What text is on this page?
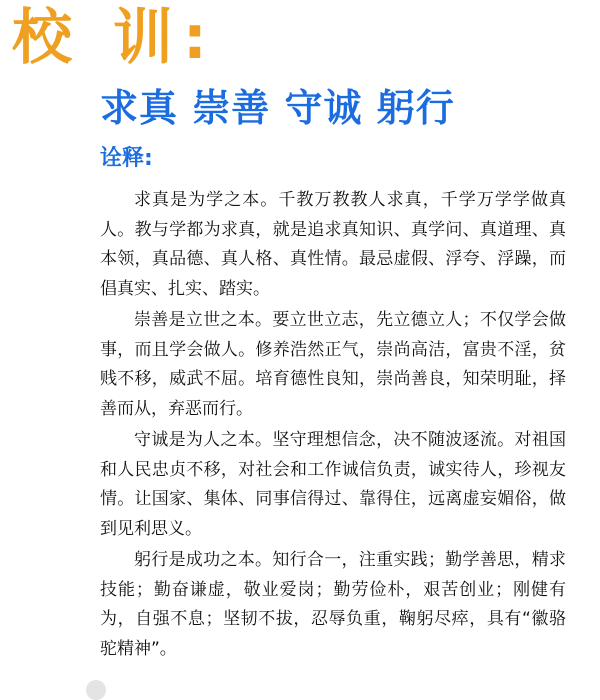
校 训:
求真 崇善 守诚 躬行
诠释:

求真是为学之本。千教万教教人求真，千学万学学做真人。教与学都为求真，就是追求真知识、真学问、真道理、真本领，真品德、真人格、真性情。最忌虚假、浮夸、浮躁，而倡真实、扎实、踏实。

崇善是立世之本。要立世立志，先立德立人；不仅学会做事，而且学会做人。修养浩然正气，崇尚高洁，富贵不淫，贫贱不移，威武不屈。培育德性良知，崇尚善良，知荣明耻，择善而从，弃恶而行。

守诚是为人之本。坚守理想信念，决不随波逐流。对祖国和人民忠贞不移，对社会和工作诚信负责，诚实待人，珍视友情。让国家、集体、同事信得过、靠得住，远离虚妄媚俗，做到见利思义。

躬行是成功之本。知行合一，注重实践；勤学善思，精求技能；勤奋谦虚，敬业爱岗；勤劳俭朴，艰苦创业；刚健有为，自强不息；坚韧不拔，忍辱负重，鞠躬尽瘁，具有“徽骆驼精神”。
